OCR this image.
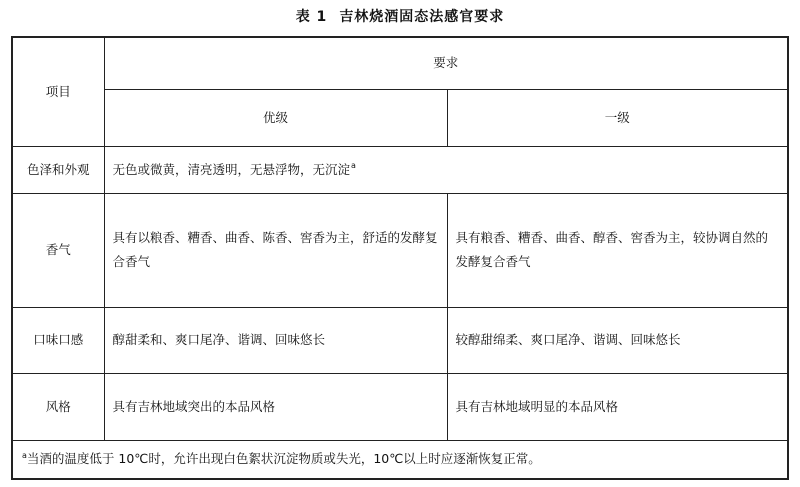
表 1 吉林烧酒固态法感官要求
项目	要求	
	优级	一级
色泽和外观	无色或微黄，清亮透明，无悬浮物，无沉淀$^a$
香气	具有以粮香、糟香、曲香、陈香、窖香为主，舒适的发酵复合香气	具有粮香、糟香、曲香、醇香、窖香为主，较协调自然的发酵复合香气
口味口感	醇甜柔和、爽口尾净、谐调、回味悠长	较醇甜绵柔、爽口尾净、谐调、回味悠长
风格	具有吉林地域突出的本品风格	具有吉林地域明显的本品风格
$^a$当酒的温度低于 10℃时，允许出现白色絮状沉淀物质或失光，10℃以上时应逐渐恢复正常。		
